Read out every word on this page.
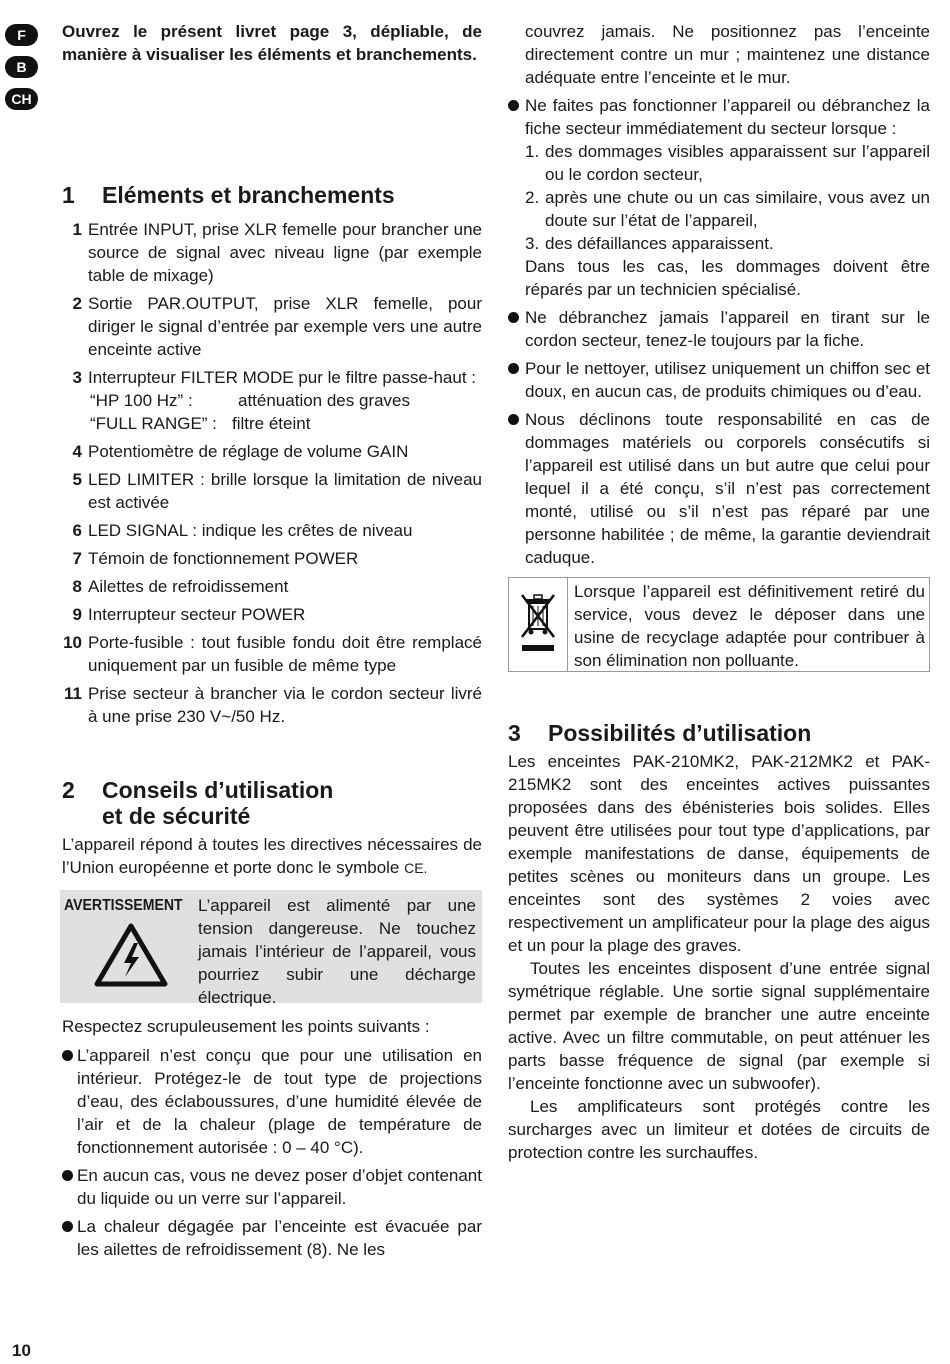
F
B
CH

Ouvrez le présent livret page 3, dépliable, de manière à visualiser les éléments et branchements.

1 Eléments et branchements
1 Entrée INPUT, prise XLR femelle pour brancher une source de signal avec niveau ligne (par exemple table de mixage)
2 Sortie PAR.OUTPUT, prise XLR femelle, pour diriger le signal d’entrée par exemple vers une autre enceinte active
3 Interrupteur FILTER MODE pur le filtre passe-haut :
“HP 100 Hz” :	atténuation des graves
“FULL RANGE” : filtre éteint
4 Potentiomètre de réglage de volume GAIN
5 LED LIMITER : brille lorsque la limitation de niveau est activée
6 LED SIGNAL : indique les crêtes de niveau
7 Témoin de fonctionnement POWER
8 Ailettes de refroidissement
9 Interrupteur secteur POWER
10 Porte-fusible : tout fusible fondu doit être remplacé uniquement par un fusible de même type
11 Prise secteur à brancher via le cordon secteur livré à une prise 230 V~/50 Hz.
2 Conseils d’utilisation
et de sécurité

L’appareil répond à toutes les directives nécessaires de l’Union européenne et porte donc le symbole CE.

AVERTISSEMENT L’appareil est alimenté par une tension dangereuse. Ne touchez jamais l’intérieur de l’appareil, vous pourriez subir une décharge électrique.

Respectez scrupuleusement les points suivants :

L’appareil n’est conçu que pour une utilisation en intérieur. Protégez-le de tout type de projections d’eau, des éclaboussures, d’une humidité élevée de l’air et de la chaleur (plage de température de fonctionnement autorisée : 0 – 40 °C).
En aucun cas, vous ne devez poser d’objet contenant du liquide ou un verre sur l’appareil.
La chaleur dégagée par l’enceinte est évacuée par les ailettes de refroidissement (8). Ne les

couvrez jamais. Ne positionnez pas l’enceinte directement contre un mur ; maintenez une distance adéquate entre l’enceinte et le mur.

Ne faites pas fonctionner l’appareil ou débranchez la fiche secteur immédiatement du secteur lorsque :
1. des dommages visibles apparaissent sur l’appareil ou le cordon secteur,
2. après une chute ou un cas similaire, vous avez un doute sur l’état de l’appareil,
3. des défaillances apparaissent.
Dans tous les cas, les dommages doivent être réparés par un technicien spécialisé.
Ne débranchez jamais l’appareil en tirant sur le cordon secteur, tenez-le toujours par la fiche.
Pour le nettoyer, utilisez uniquement un chiffon sec et doux, en aucun cas, de produits chimiques ou d’eau.
Nous déclinons toute responsabilité en cas de dommages matériels ou corporels consécutifs si l’appareil est utilisé dans un but autre que celui pour lequel il a été conçu, s’il n’est pas correctement monté, utilisé ou s’il n’est pas réparé par une personne habilitée ; de même, la garantie deviendrait caduque.
Lorsque l’appareil est définitivement retiré du service, vous devez le déposer dans une usine de recyclage adaptée pour contribuer à son élimination non polluante.
3 Possibilités d’utilisation

Les enceintes PAK-210MK2, PAK-212MK2 et PAK-215MK2 sont des enceintes actives puissantes proposées dans des ébénisteries bois solides. Elles peuvent être utilisées pour tout type d’applications, par exemple manifestations de danse, équipements de petites scènes ou moniteurs dans un groupe. Les enceintes sont des systèmes 2 voies avec respectivement un amplificateur pour la plage des aigus et un pour la plage des graves.

Toutes les enceintes disposent d’une entrée signal symétrique réglable. Une sortie signal supplémentaire permet par exemple de brancher une autre enceinte active. Avec un filtre commutable, on peut atténuer les parts basse fréquence de signal (par exemple si l’enceinte fonctionne avec un subwoofer).

Les amplificateurs sont protégés contre les surcharges avec un limiteur et dotées de circuits de protection contre les surchauffes.

10
